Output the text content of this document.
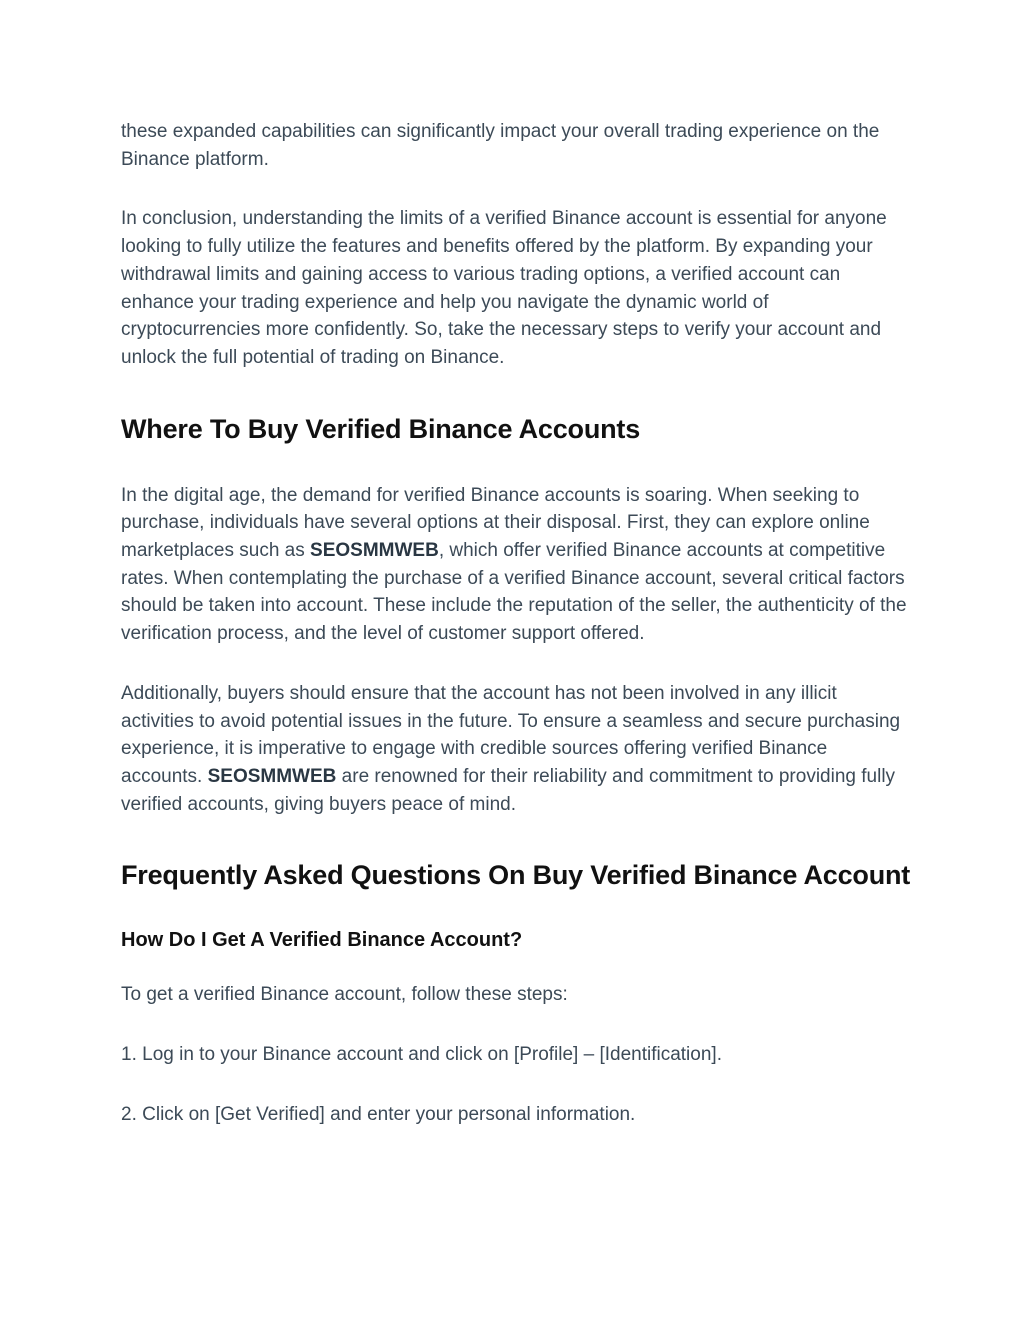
these expanded capabilities can significantly impact your overall trading experience on the Binance platform.

In conclusion, understanding the limits of a verified Binance account is essential for anyone looking to fully utilize the features and benefits offered by the platform. By expanding your withdrawal limits and gaining access to various trading options, a verified account can enhance your trading experience and help you navigate the dynamic world of cryptocurrencies more confidently. So, take the necessary steps to verify your account and unlock the full potential of trading on Binance.

Where To Buy Verified Binance Accounts

In the digital age, the demand for verified Binance accounts is soaring. When seeking to purchase, individuals have several options at their disposal. First, they can explore online marketplaces such as SEOSMMWEB, which offer verified Binance accounts at competitive rates. When contemplating the purchase of a verified Binance account, several critical factors should be taken into account. These include the reputation of the seller, the authenticity of the verification process, and the level of customer support offered.

Additionally, buyers should ensure that the account has not been involved in any illicit activities to avoid potential issues in the future. To ensure a seamless and secure purchasing experience, it is imperative to engage with credible sources offering verified Binance accounts. SEOSMMWEB are renowned for their reliability and commitment to providing fully verified accounts, giving buyers peace of mind.

Frequently Asked Questions On Buy Verified Binance Account
How Do I Get A Verified Binance Account?

To get a verified Binance account, follow these steps:

1. Log in to your Binance account and click on [Profile] – [Identification].

2. Click on [Get Verified] and enter your personal information.
